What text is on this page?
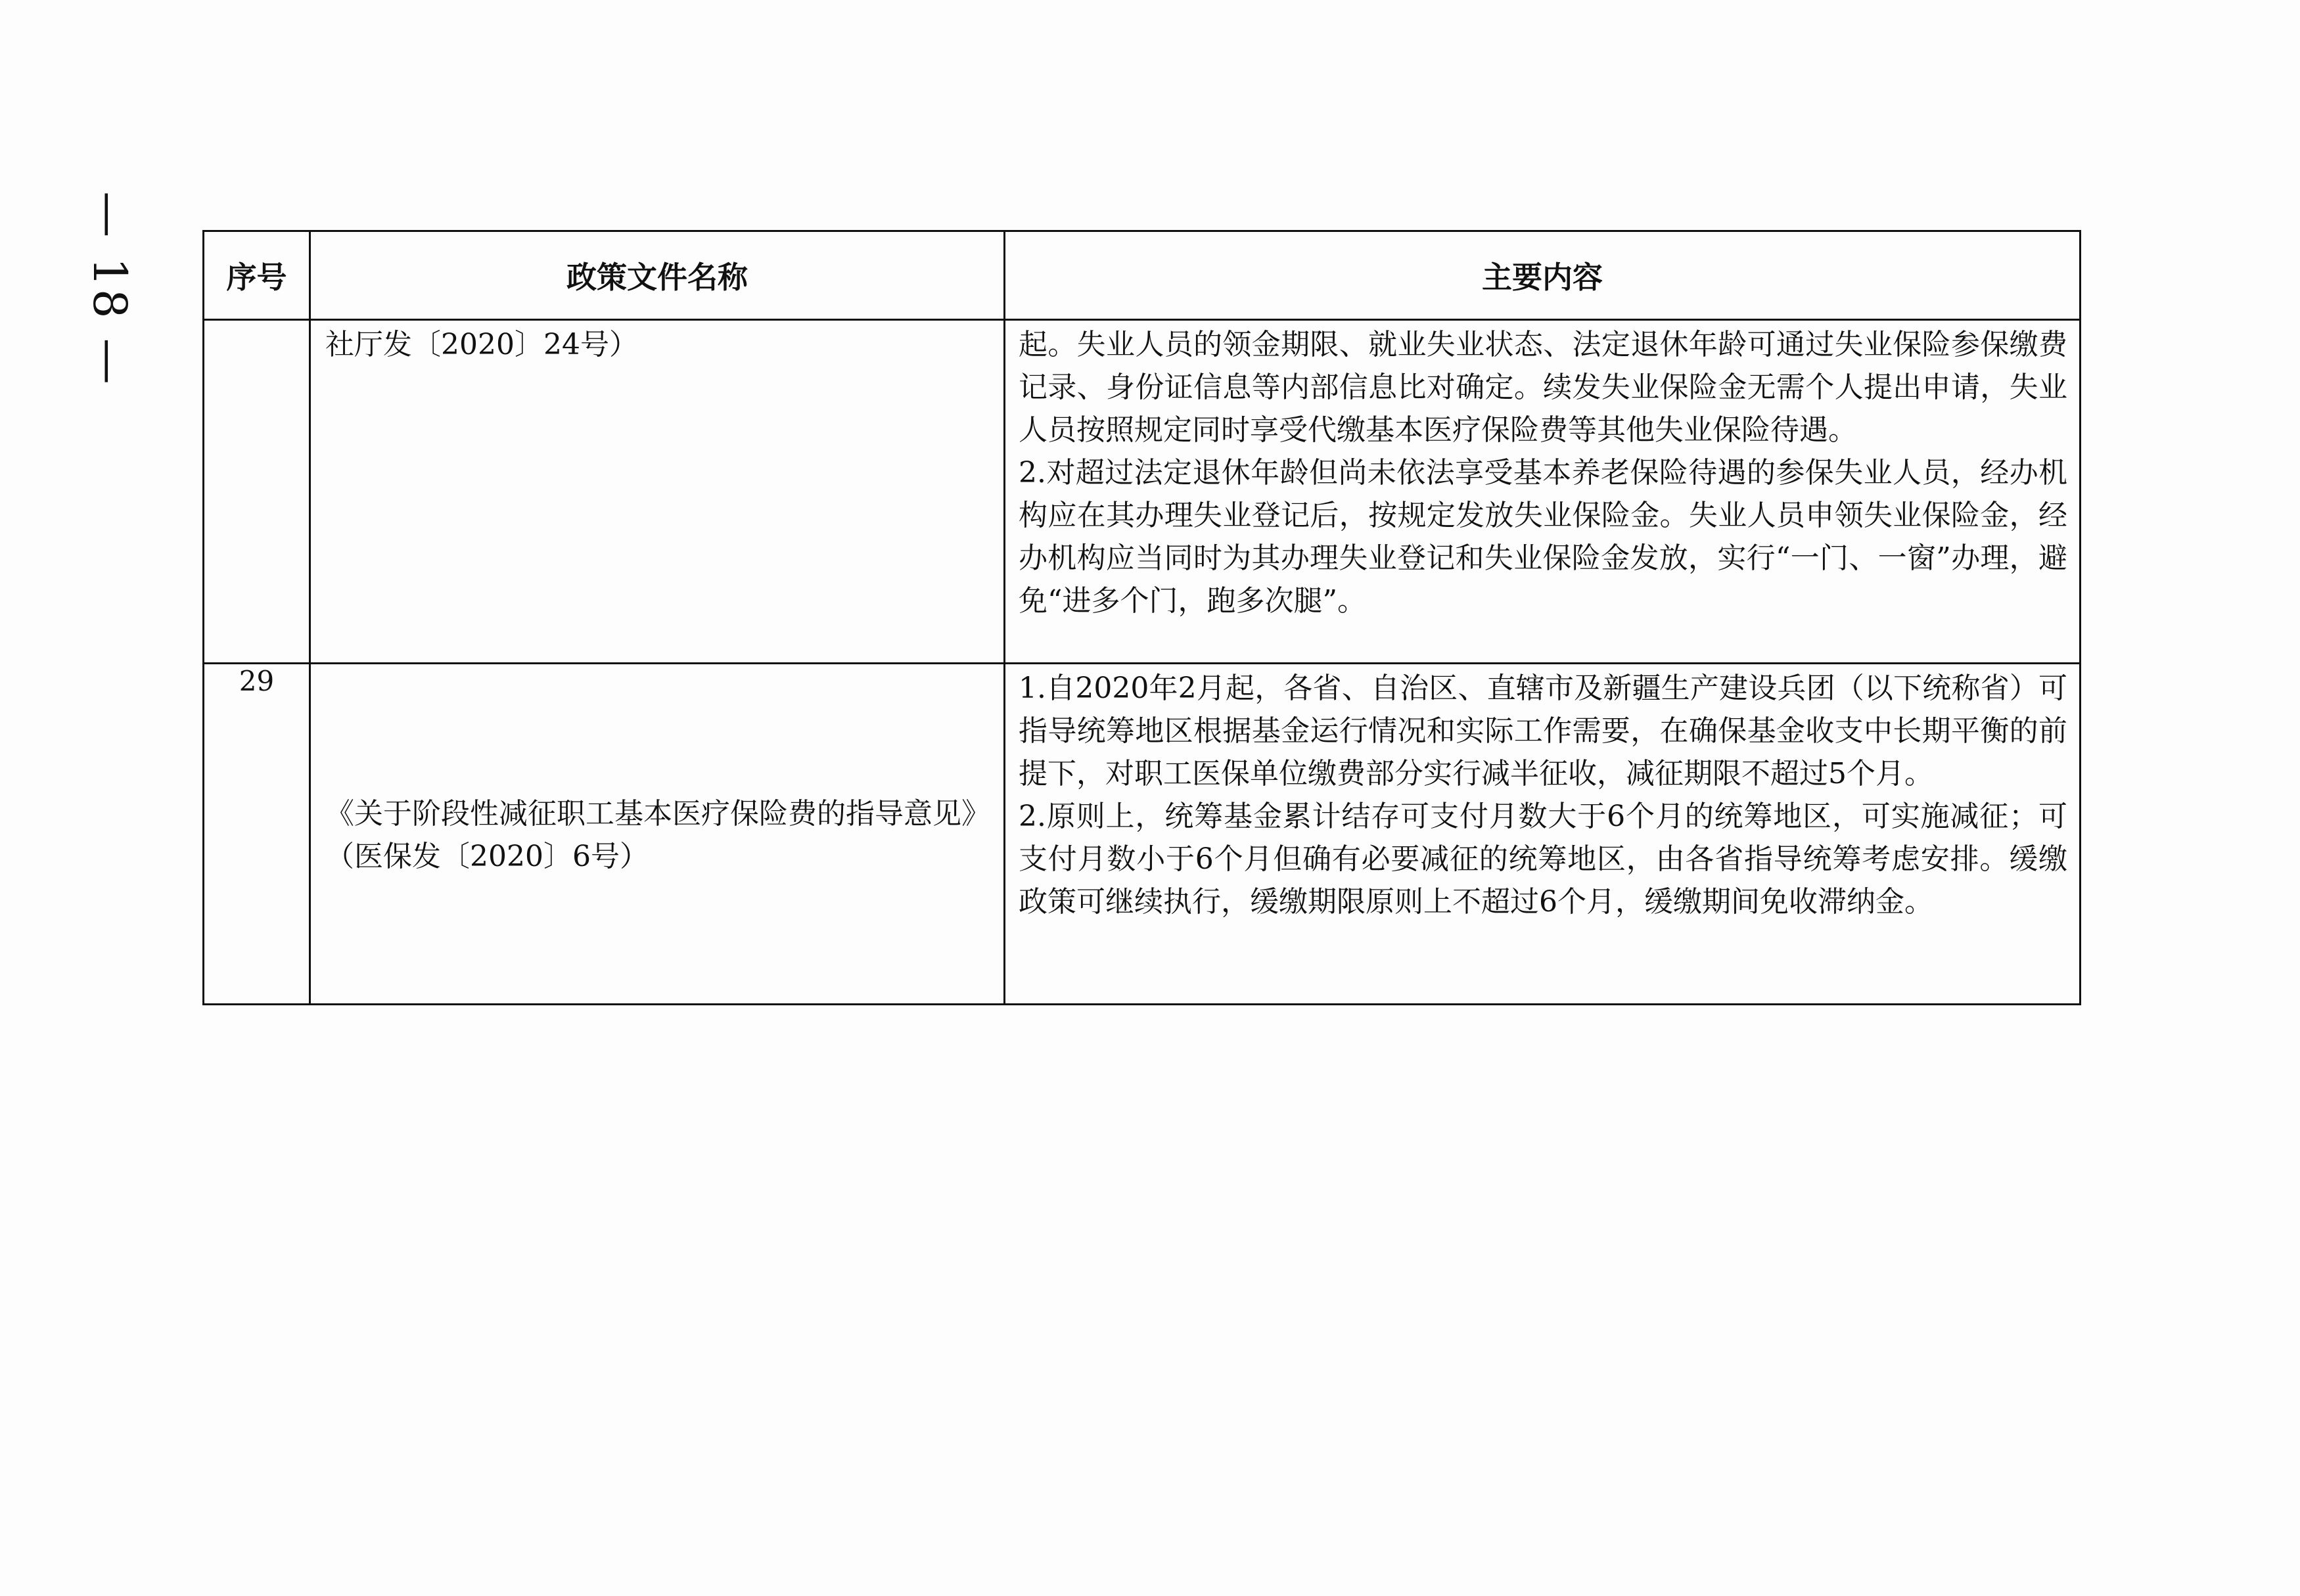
— 18 —	序号	政策文件名称	主要内容
	社厅发〔2020〕24号）	起。失业人员的领金期限、就业失业状态、法定退休年龄可通过失业保险参保缴费记录、身份证信息等内部信息比对确定。续发失业保险金无需个人提出申请，失业人员按照规定同时享受代缴基本医疗保险费等其他失业保险待遇。
2.对超过法定退休年龄但尚未依法享受基本养老保险待遇的参保失业人员，经办机构应在其办理失业登记后，按规定发放失业保险金。失业人员申领失业保险金，经办机构应当同时为其办理失业登记和失业保险金发放，实行“一门、一窗”办理，避免“进多个门，跑多次腿”。

29	《关于阶段性减征职工基本医疗保险费的指导意见》（医保发〔2020〕6号）	1.自2020年2月起，各省、自治区、直辖市及新疆生产建设兵团（以下统称省）可指导统筹地区根据基金运行情况和实际工作需要，在确保基金收支中长期平衡的前提下，对职工医保单位缴费部分实行减半征收，减征期限不超过5个月。
2.原则上，统筹基金累计结存可支付月数大于6个月的统筹地区，可实施减征；可支付月数小于6个月但确有必要减征的统筹地区，由各省指导统筹考虑安排。缓缴政策可继续执行，缓缴期限原则上不超过6个月，缓缴期间免收滞纳金。
